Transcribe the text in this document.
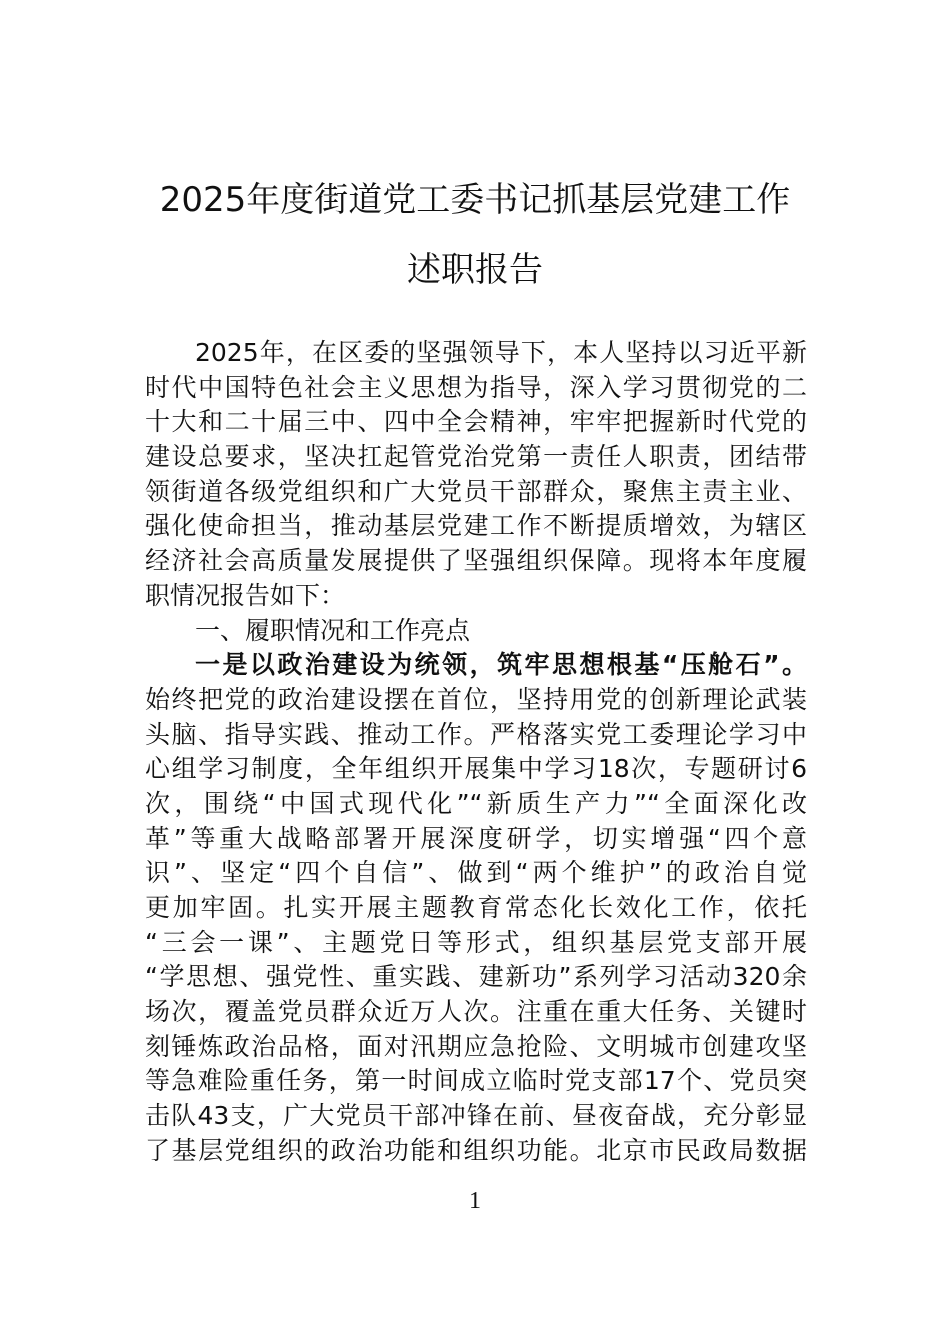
2025年度街道党工委书记抓基层党建工作
述职报告
2025年，在区委的坚强领导下，本人坚持以习近平新
时代中国特色社会主义思想为指导，深入学习贯彻党的二
十大和二十届三中、四中全会精神，牢牢把握新时代党的
建设总要求，坚决扛起管党治党第一责任人职责，团结带
领街道各级党组织和广大党员干部群众，聚焦主责主业、
强化使命担当，推动基层党建工作不断提质增效，为辖区
经济社会高质量发展提供了坚强组织保障。现将本年度履
职情况报告如下：
一、履职情况和工作亮点
一是以政治建设为统领，筑牢思想根基“压舱石”。
始终把党的政治建设摆在首位，坚持用党的创新理论武装
头脑、指导实践、推动工作。严格落实党工委理论学习中
心组学习制度，全年组织开展集中学习18次，专题研讨6
次，围绕“中国式现代化”“新质生产力”“全面深化改
革”等重大战略部署开展深度研学，切实增强“四个意
识”、坚定“四个自信”、做到“两个维护”的政治自觉
更加牢固。扎实开展主题教育常态化长效化工作，依托
“三会一课”、主题党日等形式，组织基层党支部开展
“学思想、强党性、重实践、建新功”系列学习活动320余
场次，覆盖党员群众近万人次。注重在重大任务、关键时
刻锤炼政治品格，面对汛期应急抢险、文明城市创建攻坚
等急难险重任务，第一时间成立临时党支部17个、党员突
击队43支，广大党员干部冲锋在前、昼夜奋战，充分彰显
了基层党组织的政治功能和组织功能。北京市民政局数据
1
